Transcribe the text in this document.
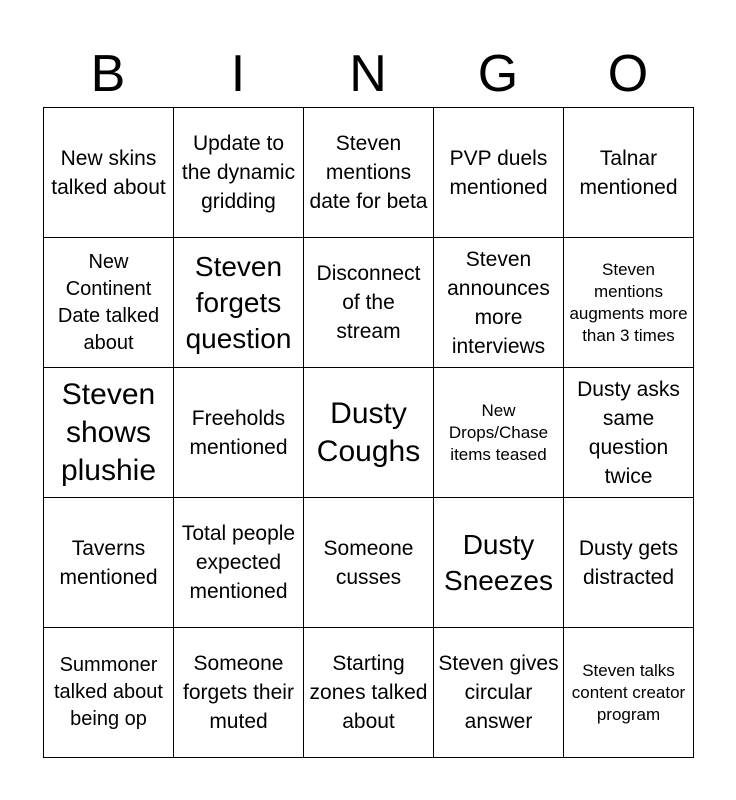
B	I	N	G	O
New skins talked about	Update to the dynamic gridding	Steven mentions date for beta	PVP duels mentioned	Talnar mentioned

New Continent Date talked about	Steven forgets question	Disconnect of the stream	Steven announces more interviews	Steven mentions augments more than 3 times

Steven shows plushie	Freeholds mentioned	Dusty Coughs	New Drops/Chase items teased	Dusty asks same question twice

Taverns mentioned	Total people expected mentioned	Someone cusses	Dusty Sneezes	Dusty gets distracted

Summoner talked about being op	Someone forgets their muted	Starting zones talked about	Steven gives circular answer	Steven talks content creator program
